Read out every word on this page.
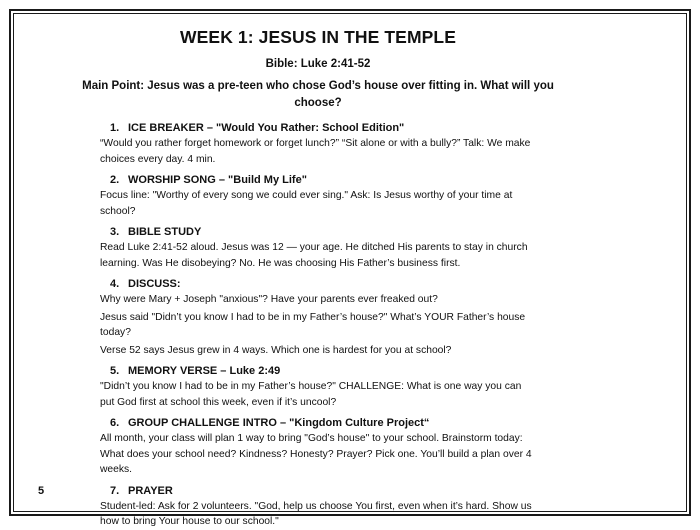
WEEK 1: JESUS IN THE TEMPLE
Bible: Luke 2:41-52
Main Point: Jesus was a pre-teen who chose God’s house over fitting in. What will you choose?
1. ICE BREAKER – "Would You Rather: School Edition"

“Would you rather forget homework or forget lunch?” “Sit alone or with a bully?” Talk: We make choices every day. 4 min.

2. WORSHIP SONG – "Build My Life"

Focus line: "Worthy of every song we could ever sing." Ask: Is Jesus worthy of your time at school?

3. BIBLE STUDY

Read Luke 2:41-52 aloud. Jesus was 12 — your age. He ditched His parents to stay in church learning. Was He disobeying? No. He was choosing His Father’s business first.

4. DISCUSS:

Why were Mary + Joseph "anxious"? Have your parents ever freaked out?

Jesus said "Didn’t you know I had to be in my Father’s house?" What’s YOUR Father’s house today?

Verse 52 says Jesus grew in 4 ways. Which one is hardest for you at school?

5. MEMORY VERSE – Luke 2:49

"Didn’t you know I had to be in my Father’s house?" CHALLENGE: What is one way you can put God first at school this week, even if it’s uncool?

6. GROUP CHALLENGE INTRO – "Kingdom Culture Project“

All month, your class will plan 1 way to bring "God’s house" to your school. Brainstorm today: What does your school need? Kindness? Honesty? Prayer? Pick one. You’ll build a plan over 4 weeks.

7. PRAYER

Student-led: Ask for 2 volunteers. "God, help us choose You first, even when it’s hard. Show us how to bring Your house to our school."

5
